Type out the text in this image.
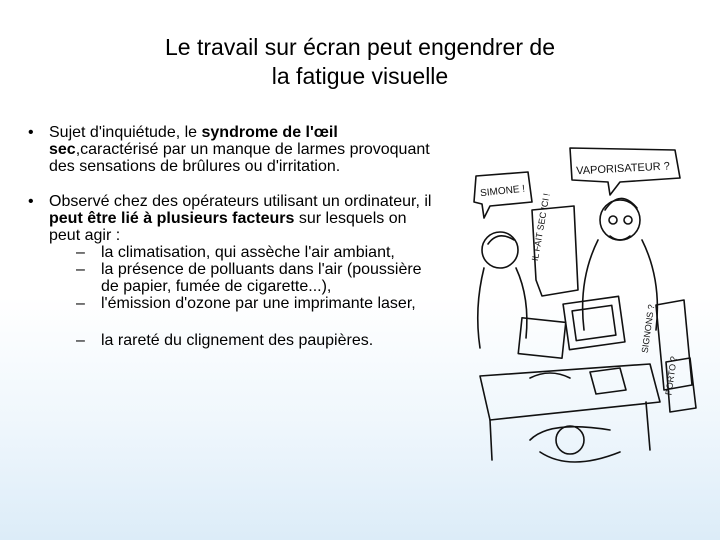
Le travail sur écran peut engendrer de
la fatigue visuelle
• Sujet d'inquiétude, le syndrome de l'œil sec,caractérisé par un manque de larmes provoquant des sensations de brûlures ou d'irritation.
• Observé chez des opérateurs utilisant un ordinateur, il peut être lié à plusieurs facteurs sur lesquels on peut agir :
– la climatisation, qui assèche l'air ambiant,
– la présence de polluants dans l'air (poussière de papier, fumée de cigarette...),
– l'émission d'ozone par une imprimante laser,
– la rareté du clignement des paupières.
VAPORISATEUR ?
SIMONE !
IL FAIT SEC ICI !
SIGNONS ?
PORTO ?
